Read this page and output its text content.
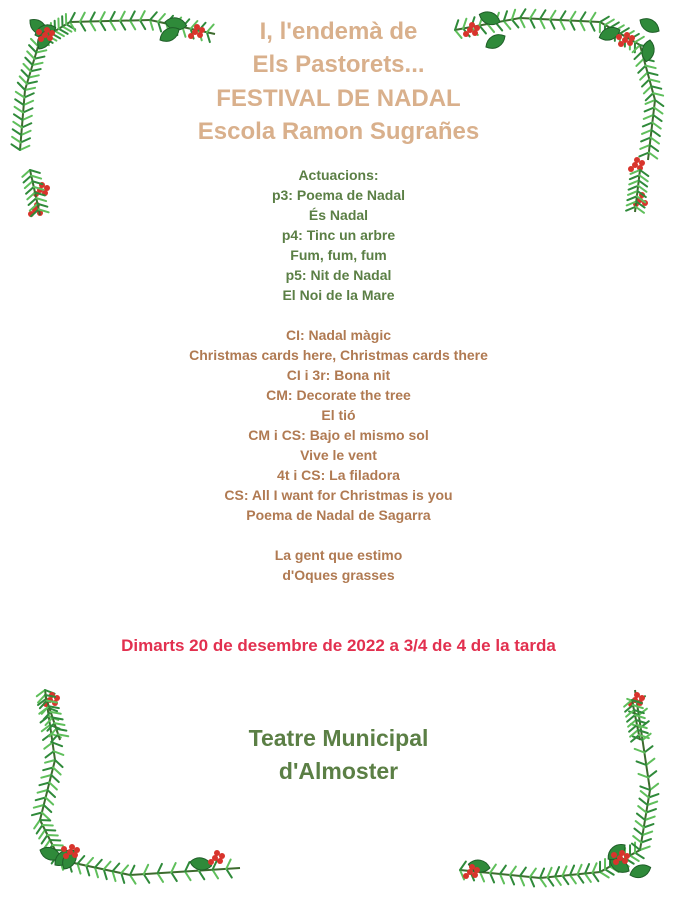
I, l'endemà de
Els Pastorets...
FESTIVAL DE NADAL
Escola Ramon Sugrañes
Actuacions:
p3: Poema de Nadal
És Nadal
p4: Tinc un arbre
Fum, fum, fum
p5: Nit de Nadal
El Noi de la Mare
CI: Nadal màgic
Christmas cards here, Christmas cards there
CI i 3r: Bona nit
CM: Decorate the tree
El tió
CM i CS: Bajo el mismo sol
Vive le vent
4t i CS: La filadora
CS: All I want for Christmas is you
Poema de Nadal de Sagarra
La gent que estimo
d'Oques grasses
Dimarts 20 de desembre de 2022 a 3/4 de 4 de la tarda
Teatre Municipal
d'Almoster
